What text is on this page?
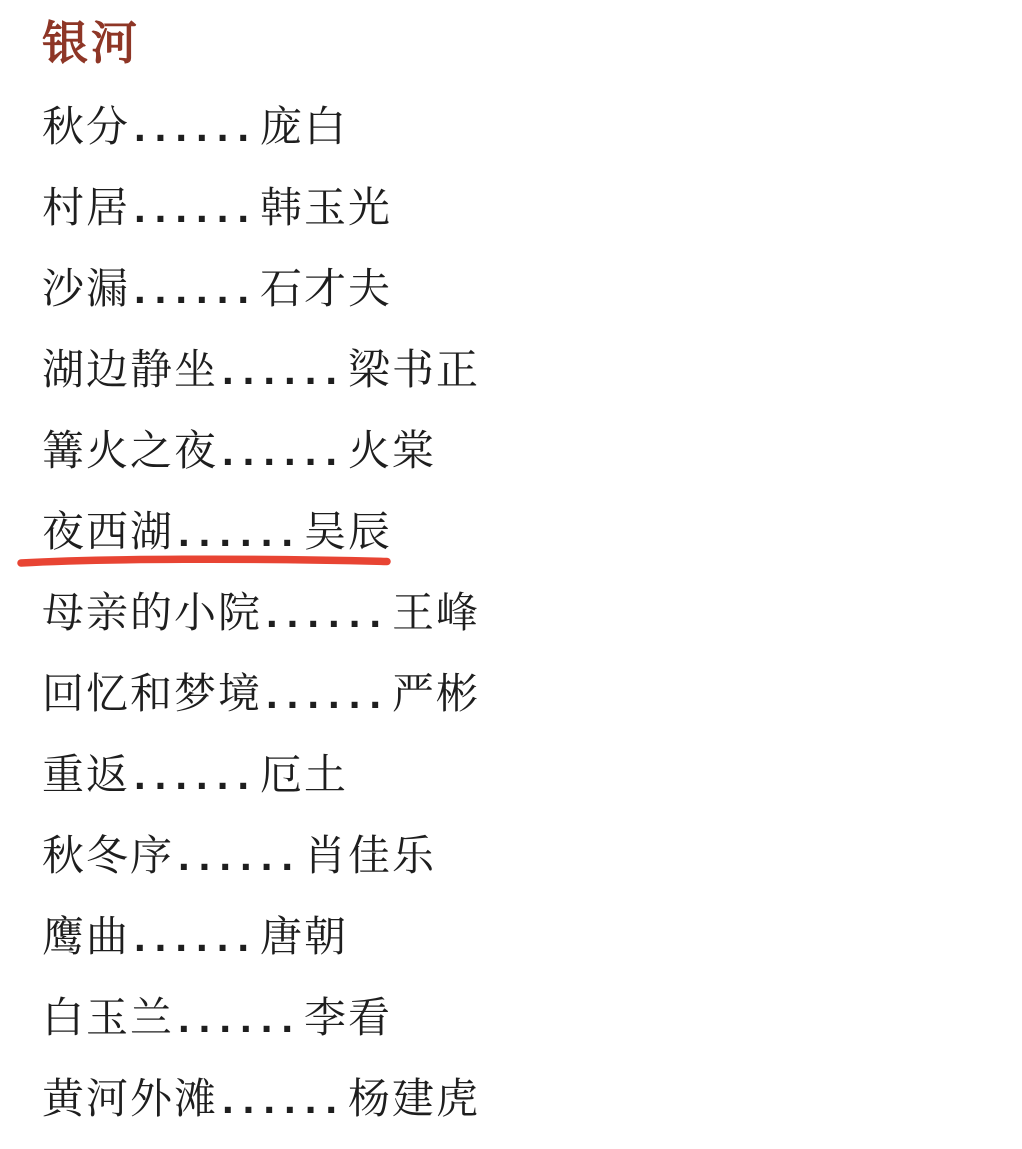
银河
秋分 ...... 庞白
村居 ...... 韩玉光
沙漏 ...... 石才夫
湖边静坐 ...... 梁书正
篝火之夜 ...... 火棠
夜西湖 ...... 吴辰
母亲的小院 ...... 王峰
回忆和梦境 ...... 严彬
重返 ...... 厄土
秋冬序 ...... 肖佳乐
鹰曲 ...... 唐朝
白玉兰 ...... 李看
黄河外滩 ...... 杨建虎
